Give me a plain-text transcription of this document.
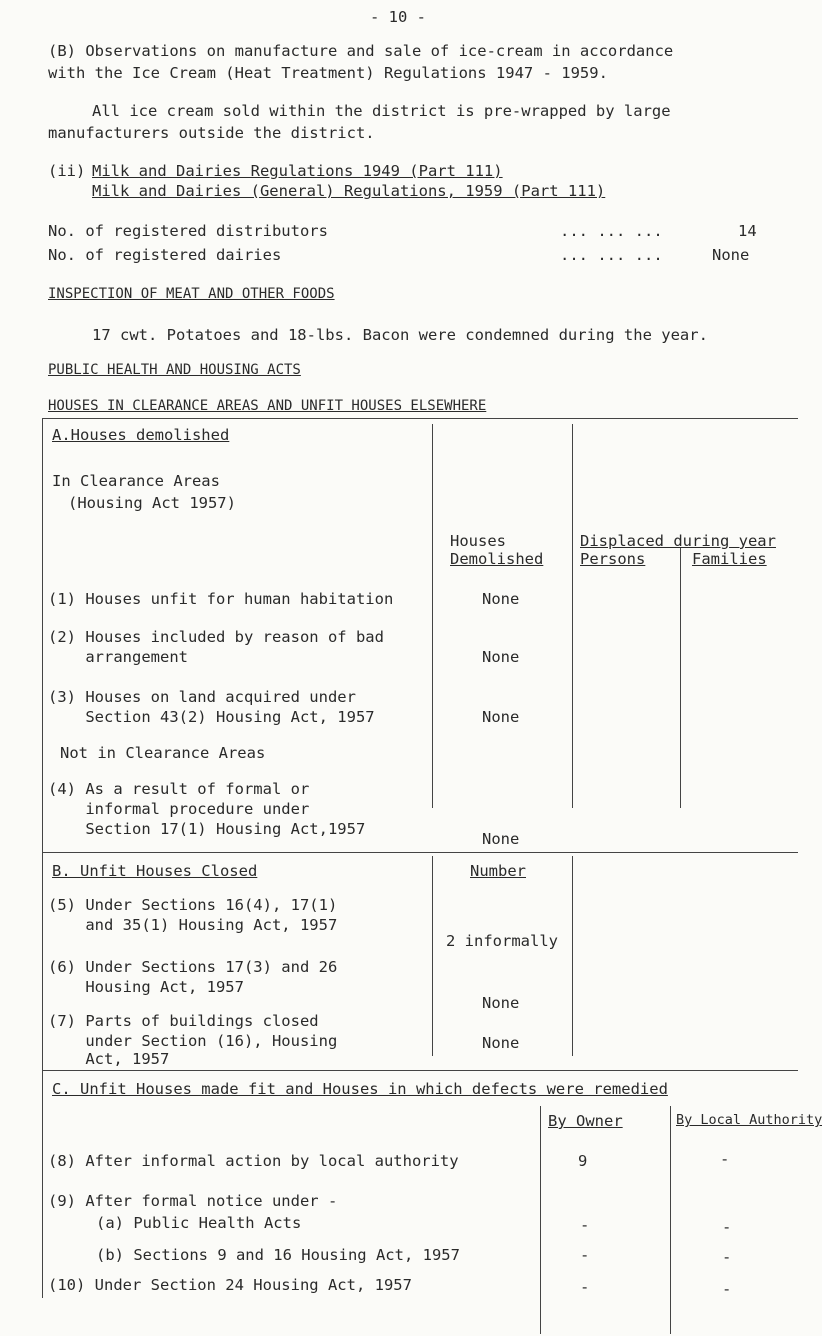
- 10 -
(B) Observations on manufacture and sale of ice-cream in accordance
with the Ice Cream (Heat Treatment) Regulations 1947 - 1959.
All ice cream sold within the district is pre-wrapped by large
manufacturers outside the district.
(ii) Milk and Dairies Regulations 1949 (Part 111)
Milk and Dairies (General) Regulations, 1959 (Part 111)
No. of registered distributors	... ... ...	14
No. of registered dairies	... ... ...	None
INSPECTION OF MEAT AND OTHER FOODS
17 cwt. Potatoes and 18-lbs. Bacon were condemned during the year.
PUBLIC HEALTH AND HOUSING ACTS
HOUSES IN CLEARANCE AREAS AND UNFIT HOUSES ELSEWHERE
A.Houses demolished
In Clearance Areas
(Housing Act 1957)
Houses
Demolished
Displaced during year
Persons	Families
(1) Houses unfit for human habitation	None
(2) Houses included by reason of bad
arrangement	None
(3) Houses on land acquired under
Section 43(2) Housing Act, 1957	None
Not in Clearance Areas
(4) As a result of formal or
informal procedure under
Section 17(1) Housing Act,1957
None
B. Unfit Houses Closed	Number
(5) Under Sections 16(4), 17(1)
and 35(1) Housing Act, 1957
2 informally
(6) Under Sections 17(3) and 26
Housing Act, 1957
None
(7) Parts of buildings closed
under Section (16), Housing
Act, 1957
None
C. Unfit Houses made fit and Houses in which defects were remedied
By Owner	By Local Authority
(8) After informal action by local authority	9	-
(9) After formal notice under -
(a) Public Health Acts	-	-
(b) Sections 9 and 16 Housing Act, 1957	-	-
(10) Under Section 24 Housing Act, 1957	-	-
